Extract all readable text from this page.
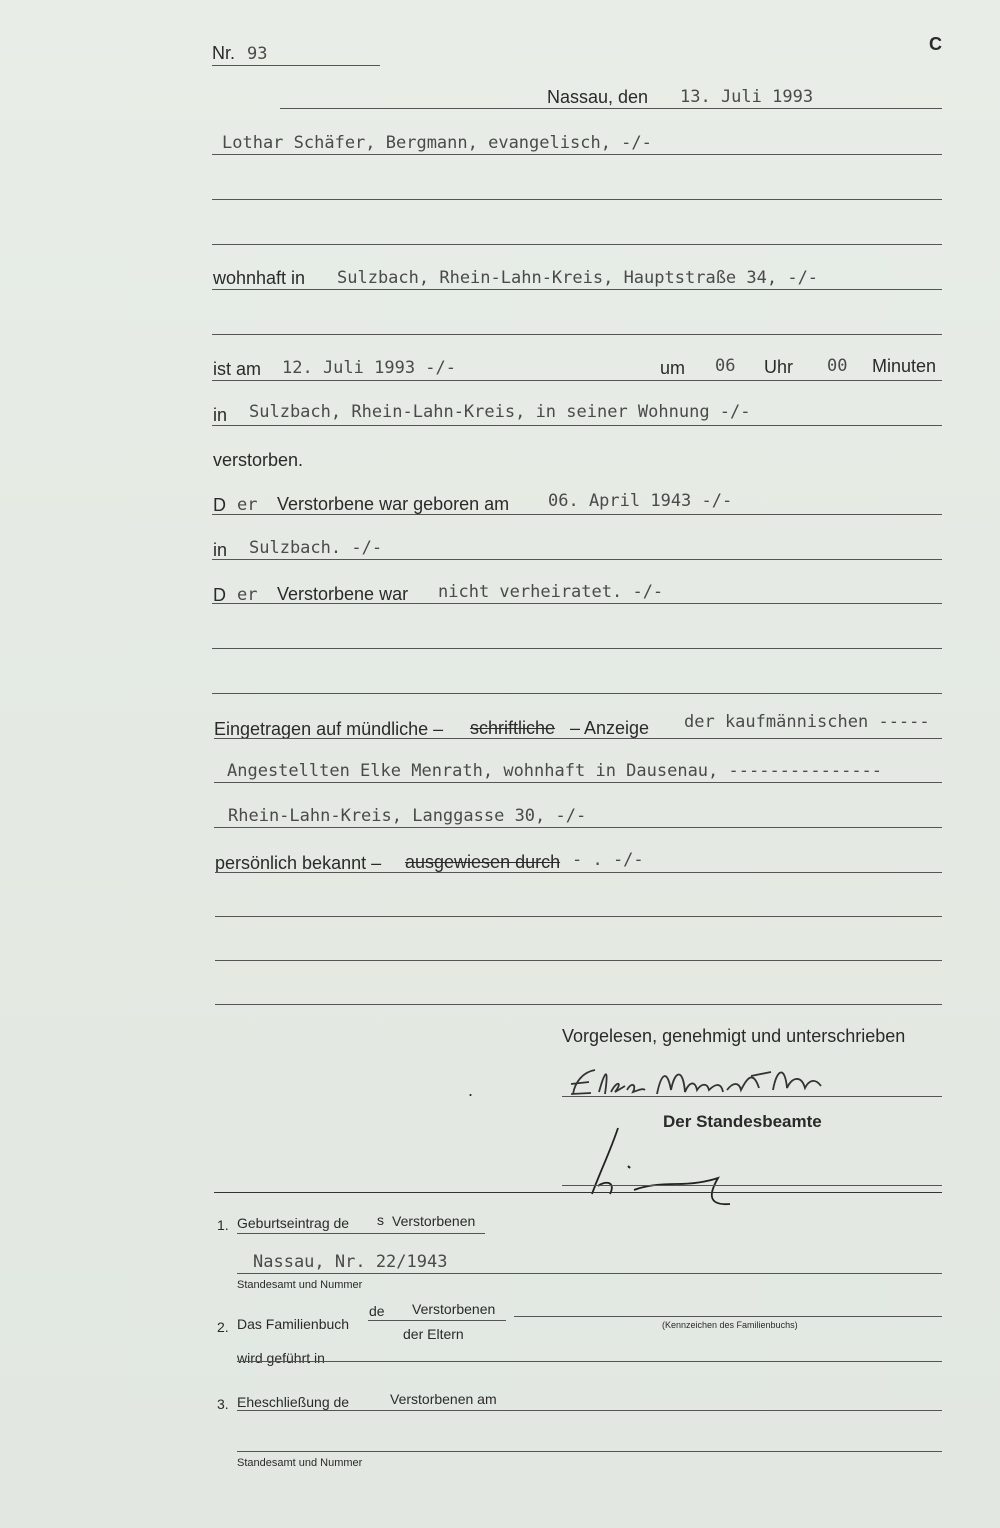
C
Nr. 93
Nassau, den 13. Juli 1993
Lothar Schäfer, Bergmann, evangelisch, -/-
wohnhaft in Sulzbach, Rhein-Lahn-Kreis, Hauptstraße 34, -/-
ist am 12. Juli 1993 -/-	um 06 Uhr 00 Minuten
in Sulzbach, Rhein-Lahn-Kreis, in seiner Wohnung -/-
verstorben.
D er Verstorbene war geboren am 06. April 1943 -/-
in Sulzbach. -/-
D er Verstorbene war nicht verheiratet. -/-
Eingetragen auf mündliche – schriftliche – Anzeige der kaufmännischen -----
Angestellten Elke Menrath, wohnhaft in Dausenau, ---------------
Rhein-Lahn-Kreis, Langgasse 30, -/-
persönlich bekannt – ausgewiesen durch - . -/-
Vorgelesen, genehmigt und unterschrieben
.
Der Standesbeamte
1. Geburtseintrag de s Verstorbenen
Nassau, Nr. 22/1943
Standesamt und Nummer
2. Das Familienbuch
de Verstorbenen
der Eltern
(Kennzeichen des Familienbuchs)
wird geführt in
3. Eheschließung de	Verstorbenen am
Standesamt und Nummer
